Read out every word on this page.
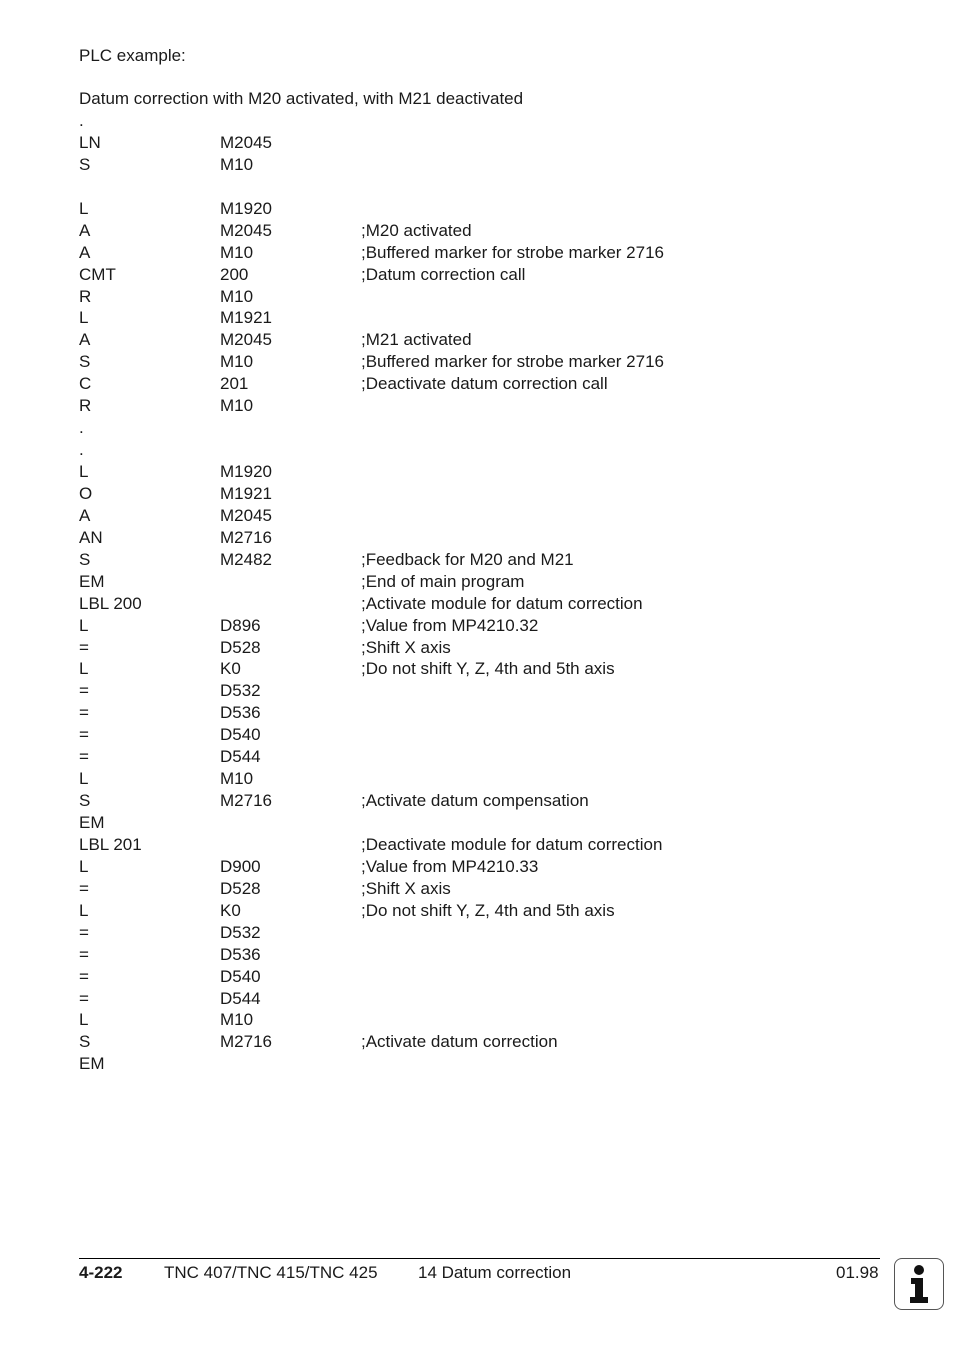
PLC example:
Datum correction with M20 activated, with M21 deactivated
.
LN	M2045
S	M10
L	M1920
A	M2045	;M20 activated
A	M10	;Buffered marker for strobe marker 2716
CMT	200	;Datum correction call
R	M10
L	M1921
A	M2045	;M21 activated
S	M10	;Buffered marker for strobe marker 2716
C	201	;Deactivate datum correction call
R	M10
.
.
L	M1920
O	M1921
A	M2045
AN	M2716
S	M2482	;Feedback for M20 and M21
EM	;End of main program
LBL 200	;Activate module for datum correction
L	D896	;Value from MP4210.32
=	D528	;Shift X axis
L	K0	;Do not shift Y, Z, 4th and 5th axis
=	D532
=	D536
=	D540
=	D544
L	M10
S	M2716	;Activate datum compensation
EM
LBL 201	;Deactivate module for datum correction
L	D900	;Value from MP4210.33
=	D528	;Shift X axis
L	K0	;Do not shift Y, Z, 4th and 5th axis
=	D532
=	D536
=	D540
=	D544
L	M10
S	M2716	;Activate datum correction
EM
4-222 TNC 407/TNC 415/TNC 425 14 Datum correction	01.98
